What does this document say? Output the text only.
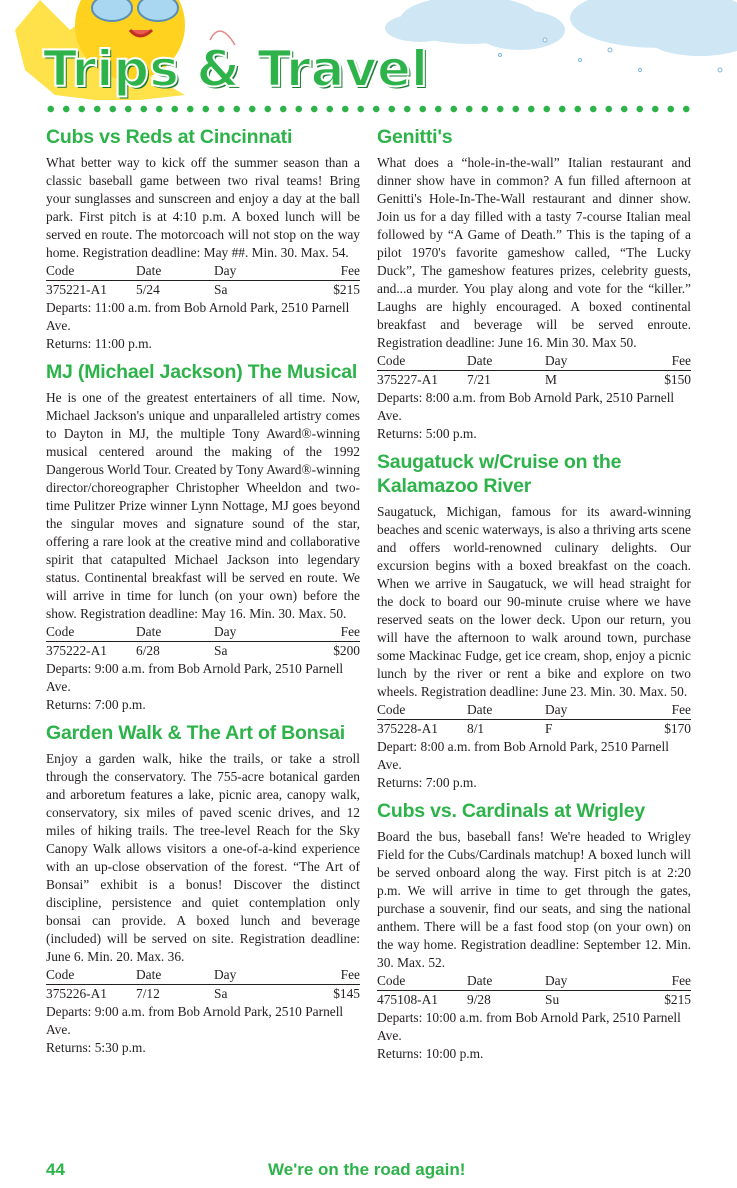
Trips & Travel
Cubs vs Reds at Cincinnati

What better way to kick off the summer season than a classic baseball game between two rival teams! Bring your sunglasses and sunscreen and enjoy a day at the ball park. First pitch is at 4:10 p.m. A boxed lunch will be served en route. The motorcoach will not stop on the way home. Registration deadline: May ##. Min. 30. Max. 54.

Code	Date	Day	Fee
375221-A1	5/24	Sa	$215

Departs: 11:00 a.m. from Bob Arnold Park, 2510 Parnell Ave.

Returns: 11:00 p.m.

MJ (Michael Jackson) The Musical

He is one of the greatest entertainers of all time. Now, Michael Jackson's unique and unparalleled artistry comes to Dayton in MJ, the multiple Tony Award®-winning musical centered around the making of the 1992 Dangerous World Tour. Created by Tony Award®-winning director/choreographer Christopher Wheeldon and two-time Pulitzer Prize winner Lynn Nottage, MJ goes beyond the singular moves and signature sound of the star, offering a rare look at the creative mind and collaborative spirit that catapulted Michael Jackson into legendary status. Continental breakfast will be served en route. We will arrive in time for lunch (on your own) before the show. Registration deadline: May 16. Min. 30. Max. 50.

Code	Date	Day	Fee
375222-A1	6/28	Sa	$200

Departs: 9:00 a.m. from Bob Arnold Park, 2510 Parnell Ave.

Returns: 7:00 p.m.

Garden Walk & The Art of Bonsai

Enjoy a garden walk, hike the trails, or take a stroll through the conservatory. The 755-acre botanical garden and arboretum features a lake, picnic area, canopy walk, conservatory, six miles of paved scenic drives, and 12 miles of hiking trails. The tree-level Reach for the Sky Canopy Walk allows visitors a one-of-a-kind experience with an up-close observation of the forest. “The Art of Bonsai” exhibit is a bonus! Discover the distinct discipline, persistence and quiet contemplation only bonsai can provide. A boxed lunch and beverage (included) will be served on site. Registration deadline: June 6. Min. 20. Max. 36.

Code	Date	Day	Fee
375226-A1	7/12	Sa	$145

Departs: 9:00 a.m. from Bob Arnold Park, 2510 Parnell Ave.

Returns: 5:30 p.m.

Genitti's

What does a “hole-in-the-wall” Italian restaurant and dinner show have in common? A fun filled afternoon at Genitti's Hole-In-The-Wall restaurant and dinner show. Join us for a day filled with a tasty 7-course Italian meal followed by “A Game of Death.” This is the taping of a pilot 1970's favorite gameshow called, “The Lucky Duck”, The gameshow features prizes, celebrity guests, and...a murder. You play along and vote for the “killer.” Laughs are highly encouraged. A boxed continental breakfast and beverage will be served enroute. Registration deadline: June 16. Min 30. Max 50.

Code	Date	Day	Fee
375227-A1	7/21	M	$150

Departs: 8:00 a.m. from Bob Arnold Park, 2510 Parnell Ave.

Returns: 5:00 p.m.

Saugatuck w/Cruise on the Kalamazoo River

Saugatuck, Michigan, famous for its award-winning beaches and scenic waterways, is also a thriving arts scene and offers world-renowned culinary delights. Our excursion begins with a boxed breakfast on the coach. When we arrive in Saugatuck, we will head straight for the dock to board our 90-minute cruise where we have reserved seats on the lower deck. Upon our return, you will have the afternoon to walk around town, purchase some Mackinac Fudge, get ice cream, shop, enjoy a picnic lunch by the river or rent a bike and explore on two wheels. Registration deadline: June 23. Min. 30. Max. 50.

Code	Date	Day	Fee
375228-A1	8/1	F	$170

Depart: 8:00 a.m. from Bob Arnold Park, 2510 Parnell Ave.

Returns: 7:00 p.m.

Cubs vs. Cardinals at Wrigley

Board the bus, baseball fans! We're headed to Wrigley Field for the Cubs/Cardinals matchup! A boxed lunch will be served onboard along the way. First pitch is at 2:20 p.m. We will arrive in time to get through the gates, purchase a souvenir, find our seats, and sing the national anthem. There will be a fast food stop (on your own) on the way home. Registration deadline: September 12. Min. 30. Max. 52.

Code	Date	Day	Fee
475108-A1	9/28	Su	$215

Departs: 10:00 a.m. from Bob Arnold Park, 2510 Parnell Ave.

Returns: 10:00 p.m.

44	We're on the road again!
